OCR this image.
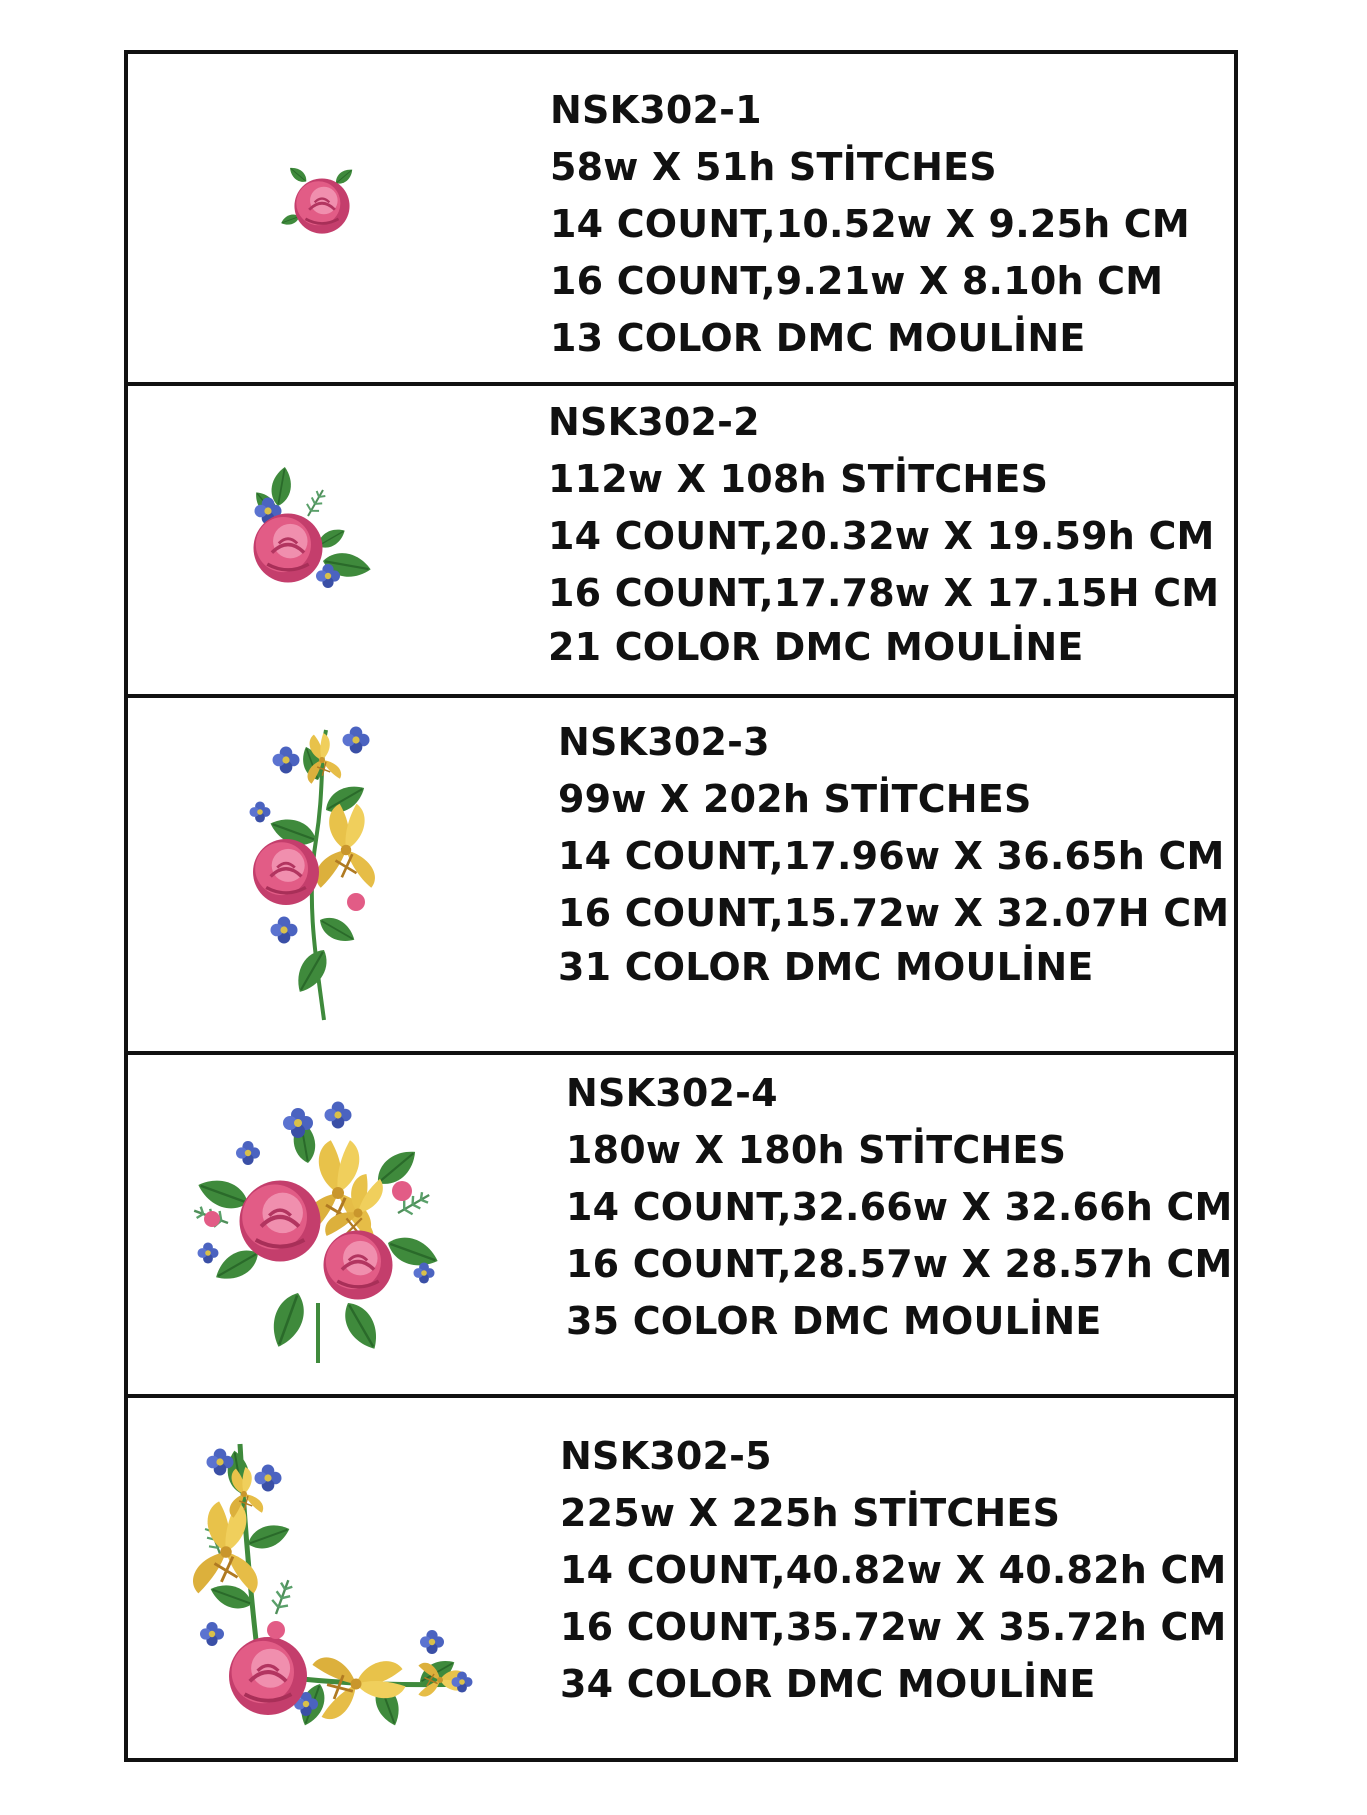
NSK302-1
58w X 51h STİTCHES
14 COUNT,10.52w X 9.25h CM
16 COUNT,9.21w X 8.10h CM
13 COLOR DMC MOULİNE
NSK302-2
112w X 108h STİTCHES
14 COUNT,20.32w X 19.59h CM
16 COUNT,17.78w X 17.15H CM
21 COLOR DMC MOULİNE
NSK302-3
99w X 202h STİTCHES
14 COUNT,17.96w X 36.65h CM
16 COUNT,15.72w X 32.07H CM
31 COLOR DMC MOULİNE
NSK302-4
180w X 180h STİTCHES
14 COUNT,32.66w X 32.66h CM
16 COUNT,28.57w X 28.57h CM
35 COLOR DMC MOULİNE
NSK302-5
225w X 225h STİTCHES
14 COUNT,40.82w X 40.82h CM
16 COUNT,35.72w X 35.72h CM
34 COLOR DMC MOULİNE
